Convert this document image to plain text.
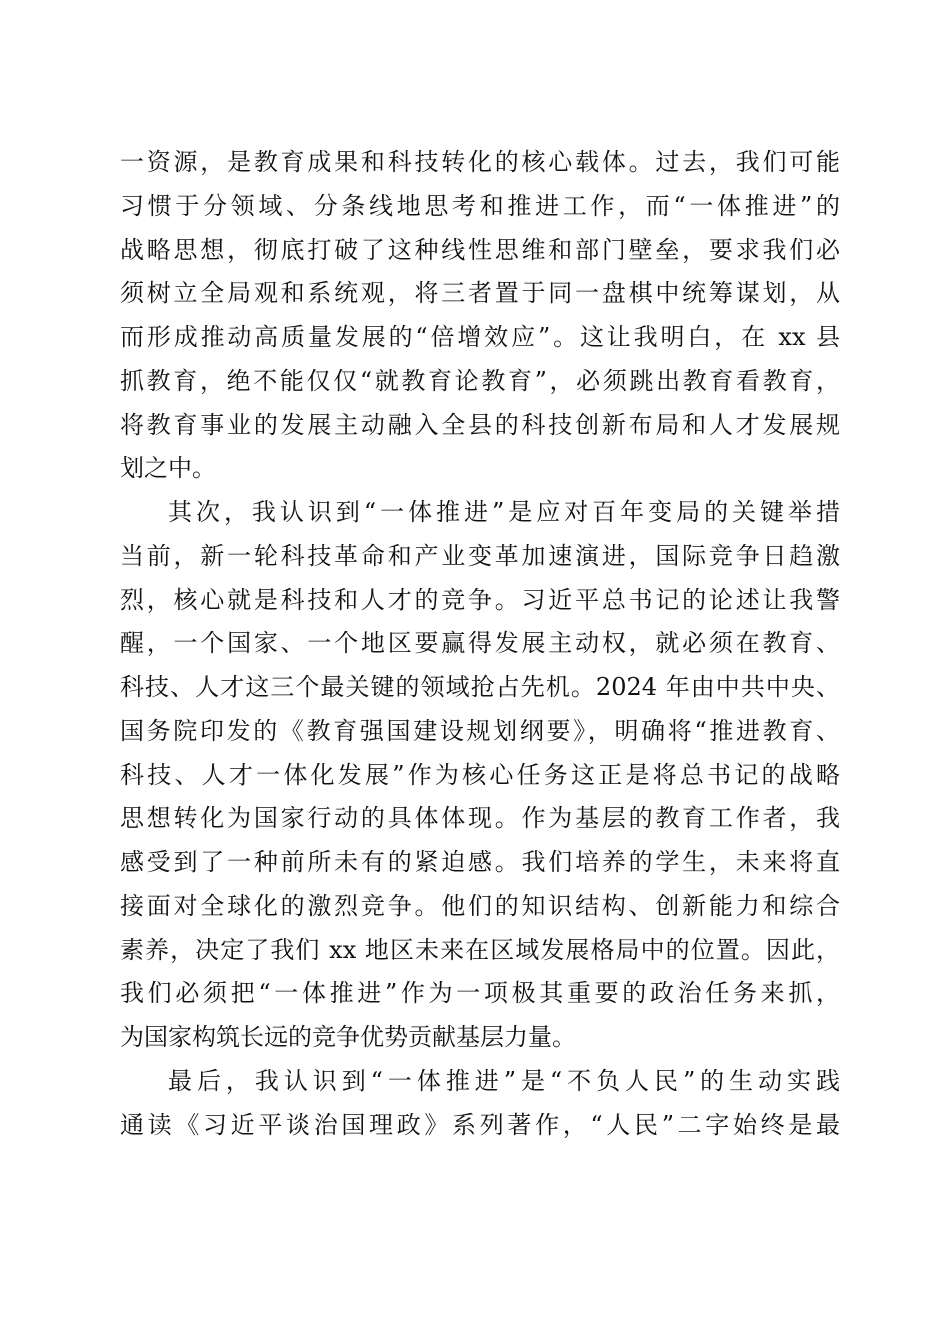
一资源，是教育成果和科技转化的核心载体。过去，我们可能
习惯于分领域、分条线地思考和推进工作，而“一体推进”的
战略思想，彻底打破了这种线性思维和部门壁垒，要求我们必
须树立全局观和系统观，将三者置于同一盘棋中统筹谋划，从
而形成推动高质量发展的“倍增效应”。这让我明白，在 xx 县
抓教育，绝不能仅仅“就教育论教育”，必须跳出教育看教育，
将教育事业的发展主动融入全县的科技创新布局和人才发展规
划之中。
其次，我认识到“一体推进”是应对百年变局的关键举措
当前，新一轮科技革命和产业变革加速演进，国际竞争日趋激
烈，核心就是科技和人才的竞争。习近平总书记的论述让我警
醒，一个国家、一个地区要赢得发展主动权，就必须在教育、
科技、人才这三个最关键的领域抢占先机。2024 年由中共中央、
国务院印发的《教育强国建设规划纲要》，明确将“推进教育、
科技、人才一体化发展”作为核心任务这正是将总书记的战略
思想转化为国家行动的具体体现。作为基层的教育工作者，我
感受到了一种前所未有的紧迫感。我们培养的学生，未来将直
接面对全球化的激烈竞争。他们的知识结构、创新能力和综合
素养，决定了我们 xx 地区未来在区域发展格局中的位置。因此，
我们必须把“一体推进”作为一项极其重要的政治任务来抓，
为国家构筑长远的竞争优势贡献基层力量。
最后，我认识到“一体推进”是“不负人民”的生动实践
通读《习近平谈治国理政》系列著作，“人民”二字始终是最
